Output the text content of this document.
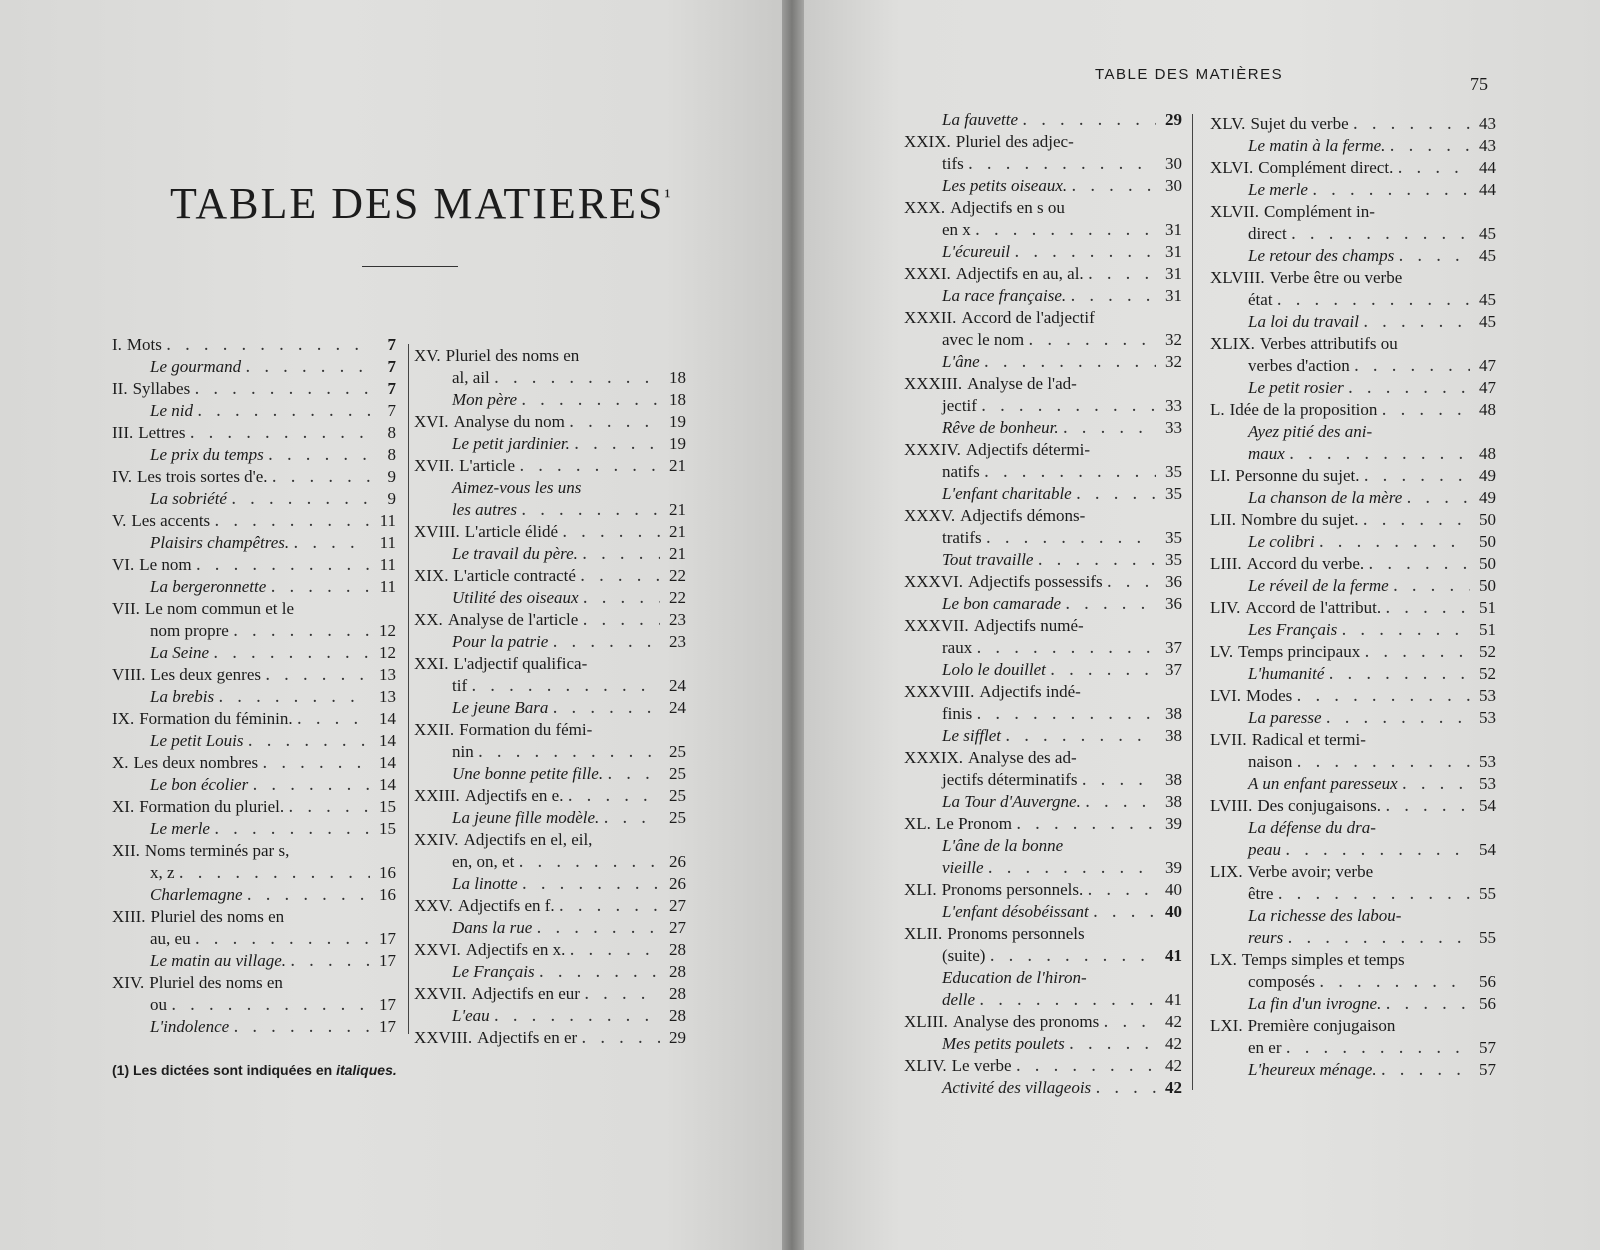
TABLE DES MATIERES$^{^1}$
I. Mots . . .	7
Le gourmand . . .	7
II. Syllabes . . .	7
Le nid . . .	7
III. Lettres . . .	8
Le prix du temps . . .	8
IV. Les trois sortes d'e. . . .	9
La sobriété . . .	9
V. Les accents . . .	11
Plaisirs champêtres. . . .	11
VI. Le nom . . .	11
La bergeronnette . . .	11
VII. Le nom commun et le
nom propre . . .	12
La Seine . . .	12
VIII. Les deux genres . . .	13
La brebis . . .	13
IX. Formation du féminin. . . .	14
Le petit Louis . . .	14
X. Les deux nombres . . .	14
Le bon écolier . . .	14
XI. Formation du pluriel. . . .	15
Le merle . . .	15
XII. Noms terminés par s,
x, z . . .	16
Charlemagne . . .	16
XIII. Pluriel des noms en
au, eu . . .	17
Le matin au village. . . .	17
XIV. Pluriel des noms en
ou . . .	17
L'indolence . . .	17
XV. Pluriel des noms en
al, ail . . .	18
Mon père . . .	18
XVI. Analyse du nom . . .	19
Le petit jardinier. . . .	19
XVII. L'article . . .	21
Aimez-vous les uns
les autres . . .	21
XVIII. L'article élidé . . .	21
Le travail du père. . . .	21
XIX. L'article contracté . . .	22
Utilité des oiseaux . . .	22
XX. Analyse de l'article . . .	23
Pour la patrie . . .	23
XXI. L'adjectif qualifica-
tif . . .	24
Le jeune Bara . . .	24
XXII. Formation du fémi-
nin . . .	25
Une bonne petite fille. . . .	25
XXIII. Adjectifs en e. . . .	25
La jeune fille modèle. . . .	25
XXIV. Adjectifs en el, eil,
en, on, et . . .	26
La linotte . . .	26
XXV. Adjectifs en f. . . .	27
Dans la rue . . .	27
XXVI. Adjectifs en x. . . .	28
Le Français . . .	28
XXVII. Adjectifs en eur . . .	28
L'eau . . .	28
XXVIII. Adjectifs en er . . .	29
(1) Les dictées sont indiquées en italiques.
TABLE DES MATIÈRES	75
La fauvette . . .	29
XXIX. Pluriel des adjec-
tifs . . .	30
Les petits oiseaux. . . .	30
XXX. Adjectifs en s ou
en x . . .	31
L'écureuil . . .	31
XXXI. Adjectifs en au, al. . . .	31
La race française. . . .	31
XXXII. Accord de l'adjectif
avec le nom . . .	32
L'âne . . .	32
XXXIII. Analyse de l'ad-
jectif . . .	33
Rêve de bonheur. . . .	33
XXXIV. Adjectifs détermi-
natifs . . .	35
L'enfant charitable . . .	35
XXXV. Adjectifs démons-
tratifs . . .	35
Tout travaille . . .	35
XXXVI. Adjectifs possessifs . . .	36
Le bon camarade . . .	36
XXXVII. Adjectifs numé-
raux . . .	37
Lolo le douillet . . .	37
XXXVIII. Adjectifs indé-
finis . . .	38
Le sifflet . . .	38
XXXIX. Analyse des ad-
jectifs déterminatifs . . .	38
La Tour d'Auvergne. . . .	38
XL. Le Pronom . . .	39
L'âne de la bonne
vieille . . .	39
XLI. Pronoms personnels. . . .	40
L'enfant désobéissant . . .	40
XLII. Pronoms personnels
(suite) . . .	41
Education de l'hiron-
delle . . .	41
XLIII. Analyse des pronoms . . .	42
Mes petits poulets . . .	42
XLIV. Le verbe . . .	42
Activité des villageois . . .	42
XLV. Sujet du verbe . . .	43
Le matin à la ferme. . . .	43
XLVI. Complément direct. . . .	44
Le merle . . .	44
XLVII. Complément in-
direct . . .	45
Le retour des champs . . .	45
XLVIII. Verbe être ou verbe
état . . .	45
La loi du travail . . .	45
XLIX. Verbes attributifs ou
verbes d'action . . .	47
Le petit rosier . . .	47
L. Idée de la proposition . . .	48
Ayez pitié des ani-
maux . . .	48
LI. Personne du sujet. . . .	49
La chanson de la mère . . .	49
LII. Nombre du sujet. . . .	50
Le colibri . . .	50
LIII. Accord du verbe. . . .	50
Le réveil de la ferme . . .	50
LIV. Accord de l'attribut. . . .	51
Les Français . . .	51
LV. Temps principaux . . .	52
L'humanité . . .	52
LVI. Modes . . .	53
La paresse . . .	53
LVII. Radical et termi-
naison . . .	53
A un enfant paresseux . . .	53
LVIII. Des conjugaisons. . . .	54
La défense du dra-
peau . . .	54
LIX. Verbe avoir; verbe
être . . .	55
La richesse des labou-
reurs . . .	55
LX. Temps simples et temps
composés . . .	56
La fin d'un ivrogne. . . .	56
LXI. Première conjugaison
en er . . .	57
L'heureux ménage. . . .	57
